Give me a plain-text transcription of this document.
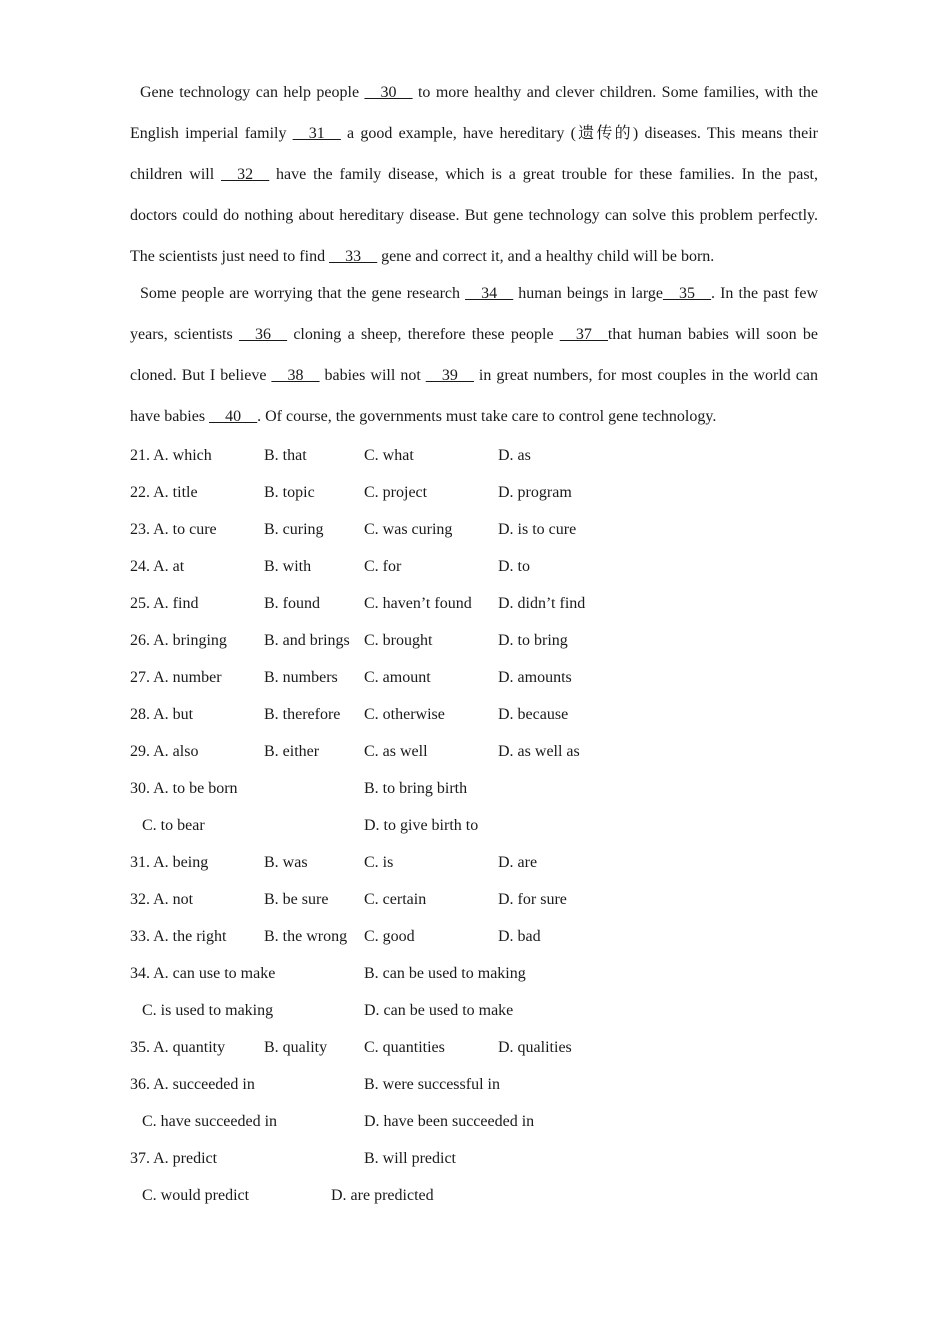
Gene technology can help people __30__ to more healthy and clever children. Some families, with the English imperial family __31__ a good example, have hereditary (遗传的) diseases. This means their children will __32__ have the family disease, which is a great trouble for these families. In the past, doctors could do nothing about hereditary disease. But gene technology can solve this problem perfectly. The scientists just need to find __33__ gene and correct it, and a healthy child will be born.

Some people are worrying that the gene research __34__ human beings in large__35__. In the past few years, scientists __36__ cloning a sheep, therefore these people __37__that human babies will soon be cloned. But I believe __38__ babies will not __39__ in great numbers, for most couples in the world can have babies __40__. Of course, the governments must take care to control gene technology.

21. A. which	B. that	C. what	D. as
22. A. title	B. topic	C. project	D. program
23. A. to cure	B. curing	C. was curing	D. is to cure
24. A. at	B. with	C. for	D. to
25. A. find	B. found	C. haven’t found D. didn’t find
26. A. bringing B. and brings C. brought	D. to bring
27. A. number	B. numbers C. amount	D. amounts
28. A. but	B. therefore C. otherwise	D. because
29. A. also	B. either	C. as well	D. as well as
30. A. to be born	B. to bring birth
C. to bear	D. to give birth to
31. A. being	B. was	C. is	D. are
32. A. not	B. be sure C. certain	D. for sure
33. A. the right B. the wrong C. good	D. bad
34. A. can use to make	B. can be used to making
C. is used to making	D. can be used to make
35. A. quantity B. quality C. quantities	D. qualities
36. A. succeeded in	B. were successful in
C. have succeeded in	D. have been succeeded in
37. A. predict	B. will predict
C. would predict	D. are predicted
